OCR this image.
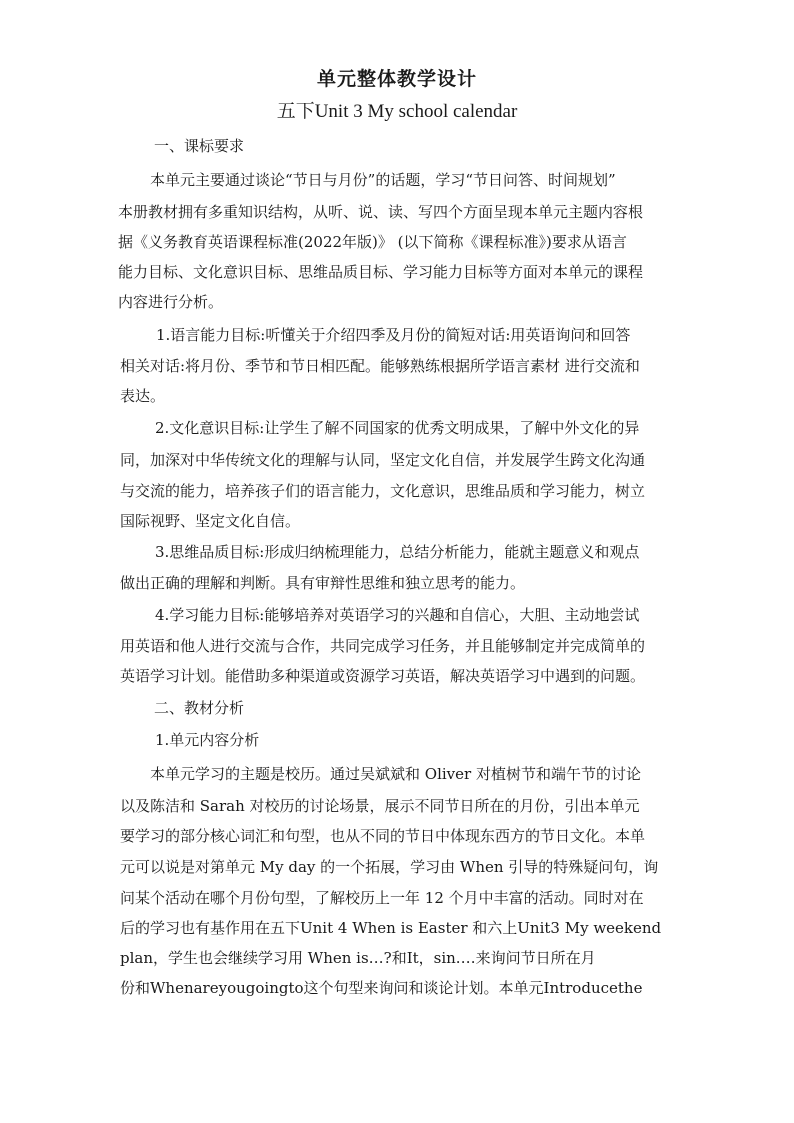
单元整体教学设计
五下Unit 3 My school calendar
一、课标要求
本单元主要通过谈论“节日与月份”的话题，学习“节日问答、时间规划”
本册教材拥有多重知识结构，从听、说、读、写四个方面呈现本单元主题内容根
据《义务教育英语课程标准(2022年版)》 (以下简称《课程标准》)要求从语言
能力目标、文化意识目标、思维品质目标、学习能力目标等方面对本单元的课程
内容进行分析。
1.语言能力目标:听懂关于介绍四季及月份的简短对话:用英语询问和回答
相关对话:将月份、季节和节日相匹配。能够熟练根据所学语言素材 进行交流和
表达。
2.文化意识目标:让学生了解不同国家的优秀文明成果，了解中外文化的异
同，加深对中华传统文化的理解与认同，坚定文化自信，并发展学生跨文化沟通
与交流的能力，培养孩子们的语言能力，文化意识，思维品质和学习能力，树立
国际视野、坚定文化自信。
3.思维品质目标:形成归纳梳理能力，总结分析能力，能就主题意义和观点
做出正确的理解和判断。具有审辩性思维和独立思考的能力。
4.学习能力目标:能够培养对英语学习的兴趣和自信心，大胆、主动地尝试
用英语和他人进行交流与合作，共同完成学习任务，并且能够制定并完成简单的
英语学习计划。能借助多种渠道或资源学习英语，解决英语学习中遇到的问题。
二、教材分析
1.单元内容分析
本单元学习的主题是校历。通过吴斌斌和 Oliver 对植树节和端午节的讨论
以及陈洁和 Sarah 对校历的讨论场景，展示不同节日所在的月份，引出本单元
要学习的部分核心词汇和句型，也从不同的节日中体现东西方的节日文化。本单
元可以说是对第单元 My day 的一个拓展，学习由 When 引导的特殊疑问句，询
问某个活动在哪个月份句型，了解校历上一年 12 个月中丰富的活动。同时对在
后的学习也有基作用在五下Unit 4 When is Easter 和六上Unit3 My weekend
plan，学生也会继续学习用 When is…?和It，sin.…来询问节日所在月
份和Whenareyougoingto这个句型来询问和谈论计划。本单元Introducethe
